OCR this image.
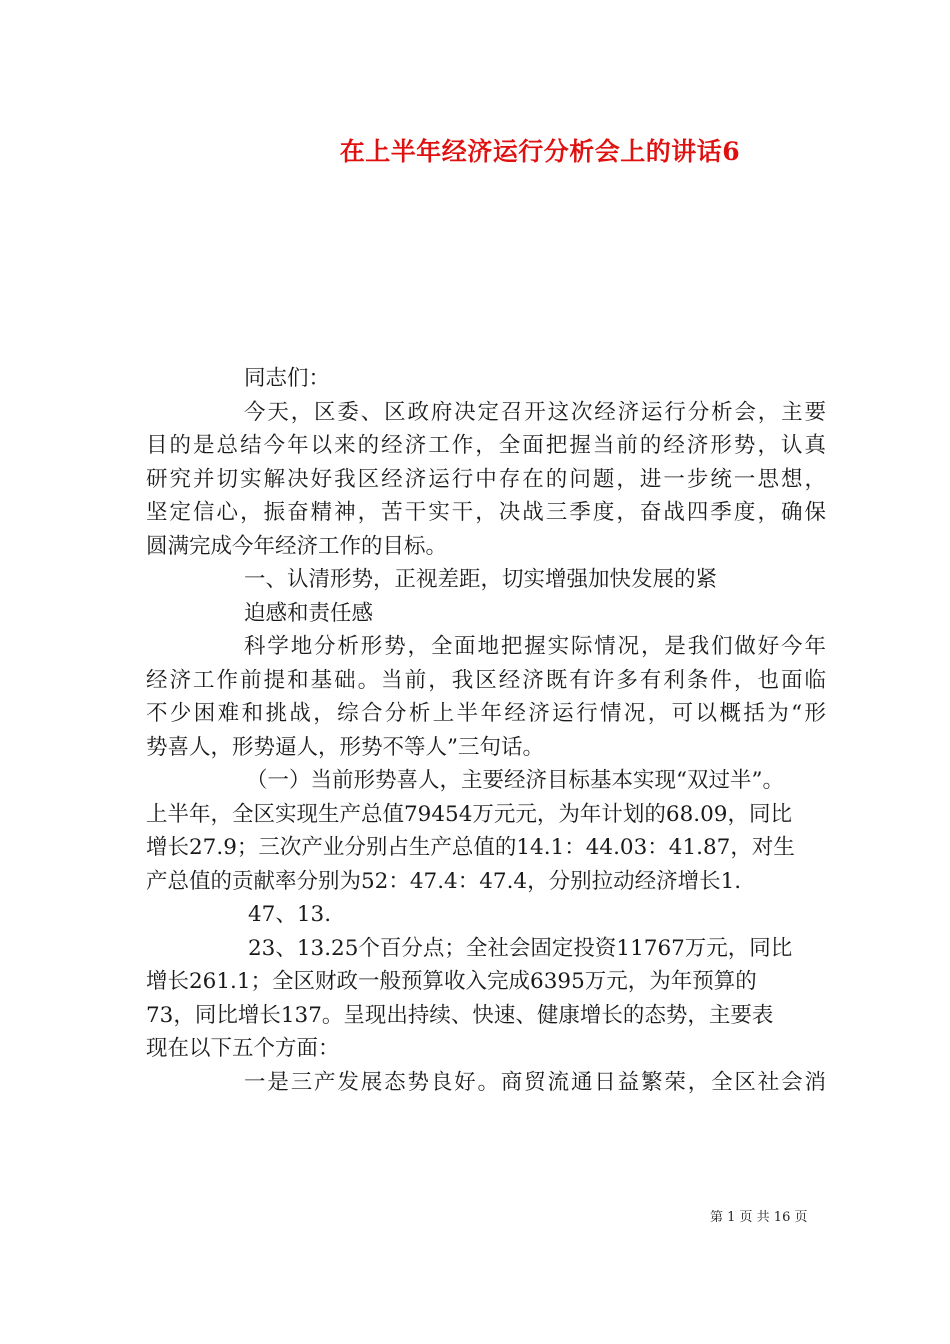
在上半年经济运行分析会上的讲话6

同志们：

今天，区委、区政府决定召开这次经济运行分析会，主要

目的是总结今年以来的经济工作，全面把握当前的经济形势，认真

研究并切实解决好我区经济运行中存在的问题，进一步统一思想，

坚定信心，振奋精神，苦干实干，决战三季度，奋战四季度，确保

圆满完成今年经济工作的目标。

一、认清形势，正视差距，切实增强加快发展的紧

迫感和责任感

科学地分析形势，全面地把握实际情况，是我们做好今年

经济工作前提和基础。当前，我区经济既有许多有利条件，也面临

不少困难和挑战，综合分析上半年经济运行情况，可以概括为“形

势喜人，形势逼人，形势不等人”三句话。

（一）当前形势喜人，主要经济目标基本实现“双过半”。

上半年，全区实现生产总值79454万元元，为年计划的68.09，同比

增长27.9；三次产业分别占生产总值的14.1：44.03：41.87，对生

产总值的贡献率分别为52：47.4：47.4，分别拉动经济增长1.

47、13.

23、13.25个百分点；全社会固定投资11767万元，同比

增长261.1；全区财政一般预算收入完成6395万元，为年预算的

73，同比增长137。呈现出持续、快速、健康增长的态势，主要表

现在以下五个方面：

一是三产发展态势良好。商贸流通日益繁荣，全区社会消

第 1 页 共 16 页
